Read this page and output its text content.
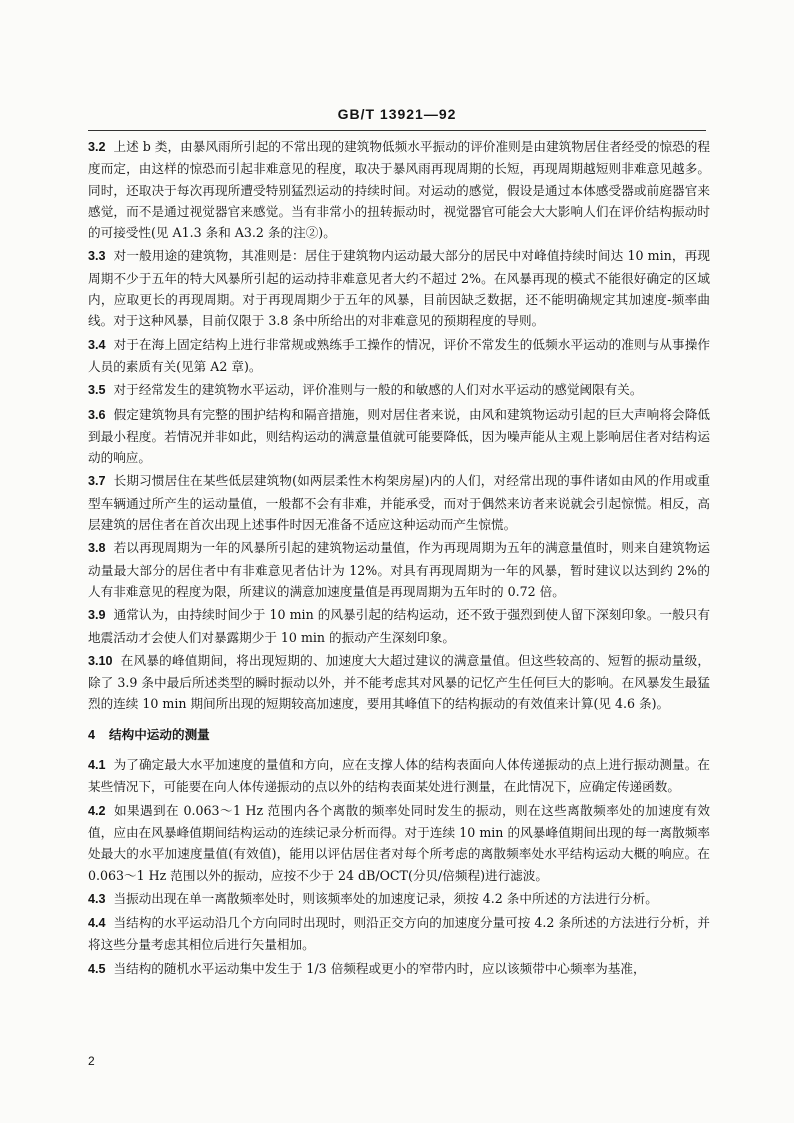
GB/T 13921—92

3.2 上述 b 类，由暴风雨所引起的不常出现的建筑物低频水平振动的评价准则是由建筑物居住者经受的惊恐的程度而定，由这样的惊恐而引起非难意见的程度，取决于暴风雨再现周期的长短，再现周期越短则非难意见越多。同时，还取决于每次再现所遭受特别猛烈运动的持续时间。对运动的感觉，假设是通过本体感受器或前庭器官来感觉，而不是通过视觉器官来感觉。当有非常小的扭转振动时，视觉器官可能会大大影响人们在评价结构振动时的可接受性(见 A1.3 条和 A3.2 条的注②)。

3.3 对一般用途的建筑物，其准则是：居住于建筑物内运动最大部分的居民中对峰值持续时间达 10 min，再现周期不少于五年的特大风暴所引起的运动持非难意见者大约不超过 2%。在风暴再现的模式不能很好确定的区域内，应取更长的再现周期。对于再现周期少于五年的风暴，目前因缺乏数据，还不能明确规定其加速度-频率曲线。对于这种风暴，目前仅限于 3.8 条中所给出的对非难意见的预期程度的导则。

3.4 对于在海上固定结构上进行非常规或熟练手工操作的情况，评价不常发生的低频水平运动的准则与从事操作人员的素质有关(见第 A2 章)。

3.5 对于经常发生的建筑物水平运动，评价准则与一般的和敏感的人们对水平运动的感觉阈限有关。

3.6 假定建筑物具有完整的围护结构和隔音措施，则对居住者来说，由风和建筑物运动引起的巨大声响将会降低到最小程度。若情况并非如此，则结构运动的满意量值就可能要降低，因为噪声能从主观上影响居住者对结构运动的响应。

3.7 长期习惯居住在某些低层建筑物(如两层柔性木构架房屋)内的人们，对经常出现的事件诸如由风的作用或重型车辆通过所产生的运动量值，一般都不会有非难，并能承受，而对于偶然来访者来说就会引起惊慌。相反，高层建筑的居住者在首次出现上述事件时因无准备不适应这种运动而产生惊慌。

3.8 若以再现周期为一年的风暴所引起的建筑物运动量值，作为再现周期为五年的满意量值时，则来自建筑物运动量最大部分的居住者中有非难意见者估计为 12%。对具有再现周期为一年的风暴，暂时建议以达到约 2%的人有非难意见的程度为限，所建议的满意加速度量值是再现周期为五年时的 0.72 倍。

3.9 通常认为，由持续时间少于 10 min 的风暴引起的结构运动，还不致于强烈到使人留下深刻印象。一般只有地震活动才会使人们对暴露期少于 10 min 的振动产生深刻印象。

3.10 在风暴的峰值期间，将出现短期的、加速度大大超过建议的满意量值。但这些较高的、短暂的振动量级，除了 3.9 条中最后所述类型的瞬时振动以外，并不能考虑其对风暴的记忆产生任何巨大的影响。在风暴发生最猛烈的连续 10 min 期间所出现的短期较高加速度，要用其峰值下的结构振动的有效值来计算(见 4.6 条)。

4 结构中运动的测量

4.1 为了确定最大水平加速度的量值和方向，应在支撑人体的结构表面向人体传递振动的点上进行振动测量。在某些情况下，可能要在向人体传递振动的点以外的结构表面某处进行测量，在此情况下，应确定传递函数。

4.2 如果遇到在 0.063～1 Hz 范围内各个离散的频率处同时发生的振动，则在这些离散频率处的加速度有效值，应由在风暴峰值期间结构运动的连续记录分析而得。对于连续 10 min 的风暴峰值期间出现的每一离散频率处最大的水平加速度量值(有效值)，能用以评估居住者对每个所考虑的离散频率处水平结构运动大概的响应。在 0.063～1 Hz 范围以外的振动，应按不少于 24 dB/OCT(分贝/倍频程)进行滤波。

4.3 当振动出现在单一离散频率处时，则该频率处的加速度记录，须按 4.2 条中所述的方法进行分析。

4.4 当结构的水平运动沿几个方向同时出现时，则沿正交方向的加速度分量可按 4.2 条所述的方法进行分析，并将这些分量考虑其相位后进行矢量相加。

4.5 当结构的随机水平运动集中发生于 1/3 倍频程或更小的窄带内时，应以该频带中心频率为基准，

2
